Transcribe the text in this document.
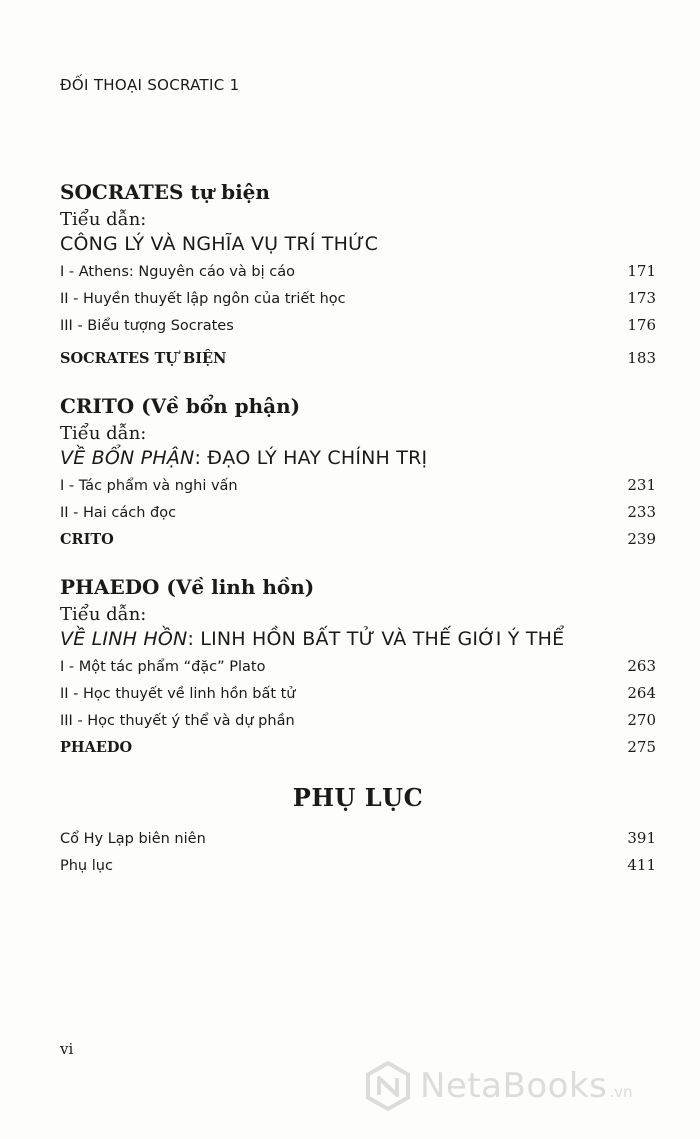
ĐỐI THOẠI SOCRATIC 1
SOCRATES tự biện
Tiểu dẫn:
CÔNG LÝ VÀ NGHĨA VỤ TRÍ THỨC
I - Athens: Nguyên cáo và bị cáo	171
II - Huyền thuyết lập ngôn của triết học	173
III - Biểu tượng Socrates	176
SOCRATES TỰ BIỆN	183
CRITO (Về bổn phận)
Tiểu dẫn:
VỀ BỔN PHẬN: ĐẠO LÝ HAY CHÍNH TRỊ
I - Tác phẩm và nghi vấn	231
II - Hai cách đọc	233
CRITO	239
PHAEDO (Về linh hồn)
Tiểu dẫn:
VỀ LINH HỒN: LINH HỒN BẤT TỬ VÀ THẾ GIỚI Ý THỂ
I - Một tác phẩm “đặc” Plato	263
II - Học thuyết về linh hồn bất tử	264
III - Học thuyết ý thể và dự phần	270
PHAEDO	275
PHỤ LỤC
Cổ Hy Lạp biên niên	391
Phụ lục	411
vi
NetaBooks .vn
